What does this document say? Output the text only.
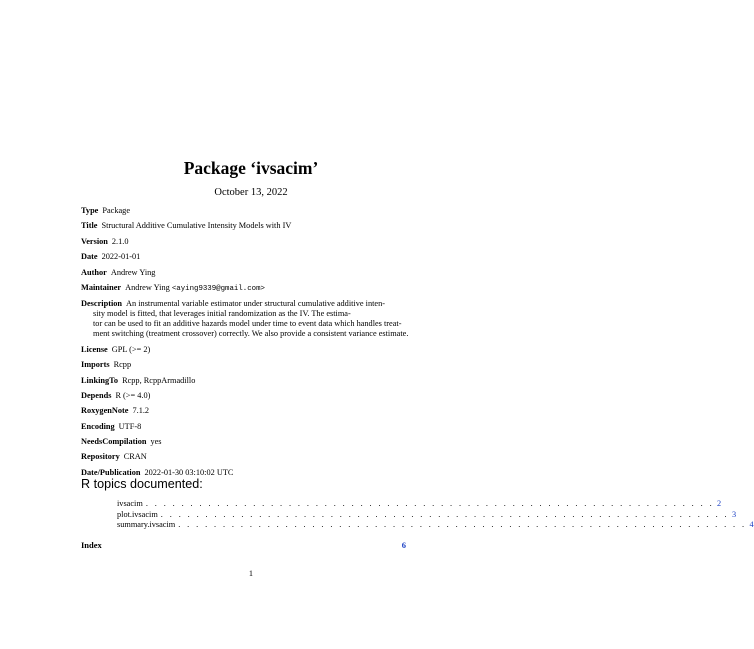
Package ‘ivsacim’
October 13, 2022
Type Package
Title Structural Additive Cumulative Intensity Models with IV
Version 2.1.0
Date 2022-01-01
Author Andrew Ying
Maintainer Andrew Ying <aying9339@gmail.com>
Description An instrumental variable estimator under structural cumulative additive inten-
sity model is fitted, that leverages initial randomization as the IV. The estima-
tor can be used to fit an additive hazards model under time to event data which handles treat-
ment switching (treatment crossover) correctly. We also provide a consistent variance estimate.
License GPL (>= 2)
Imports Rcpp
LinkingTo Rcpp, RcppArmadillo
Depends R (>= 4.0)
RoxygenNote 7.1.2
Encoding UTF-8
NeedsCompilation yes
Repository CRAN
Date/Publication 2022-01-30 03:10:02 UTC
R topics documented:
ivsacim . . . . . . . . . . . . . . . . . . . . . . . . . . . . . . . . . . . . . . . . . . . . . . . . . . . . . . . . . . . . . . . . 2
plot.ivsacim . . . . . . . . . . . . . . . . . . . . . . . . . . . . . . . . . . . . . . . . . . . . . . . . . . . . . . . . . . . . . . . . 3
summary.ivsacim . . . . . . . . . . . . . . . . . . . . . . . . . . . . . . . . . . . . . . . . . . . . . . . . . . . . . . . . . . . . . . . . 4
Index	6
1
